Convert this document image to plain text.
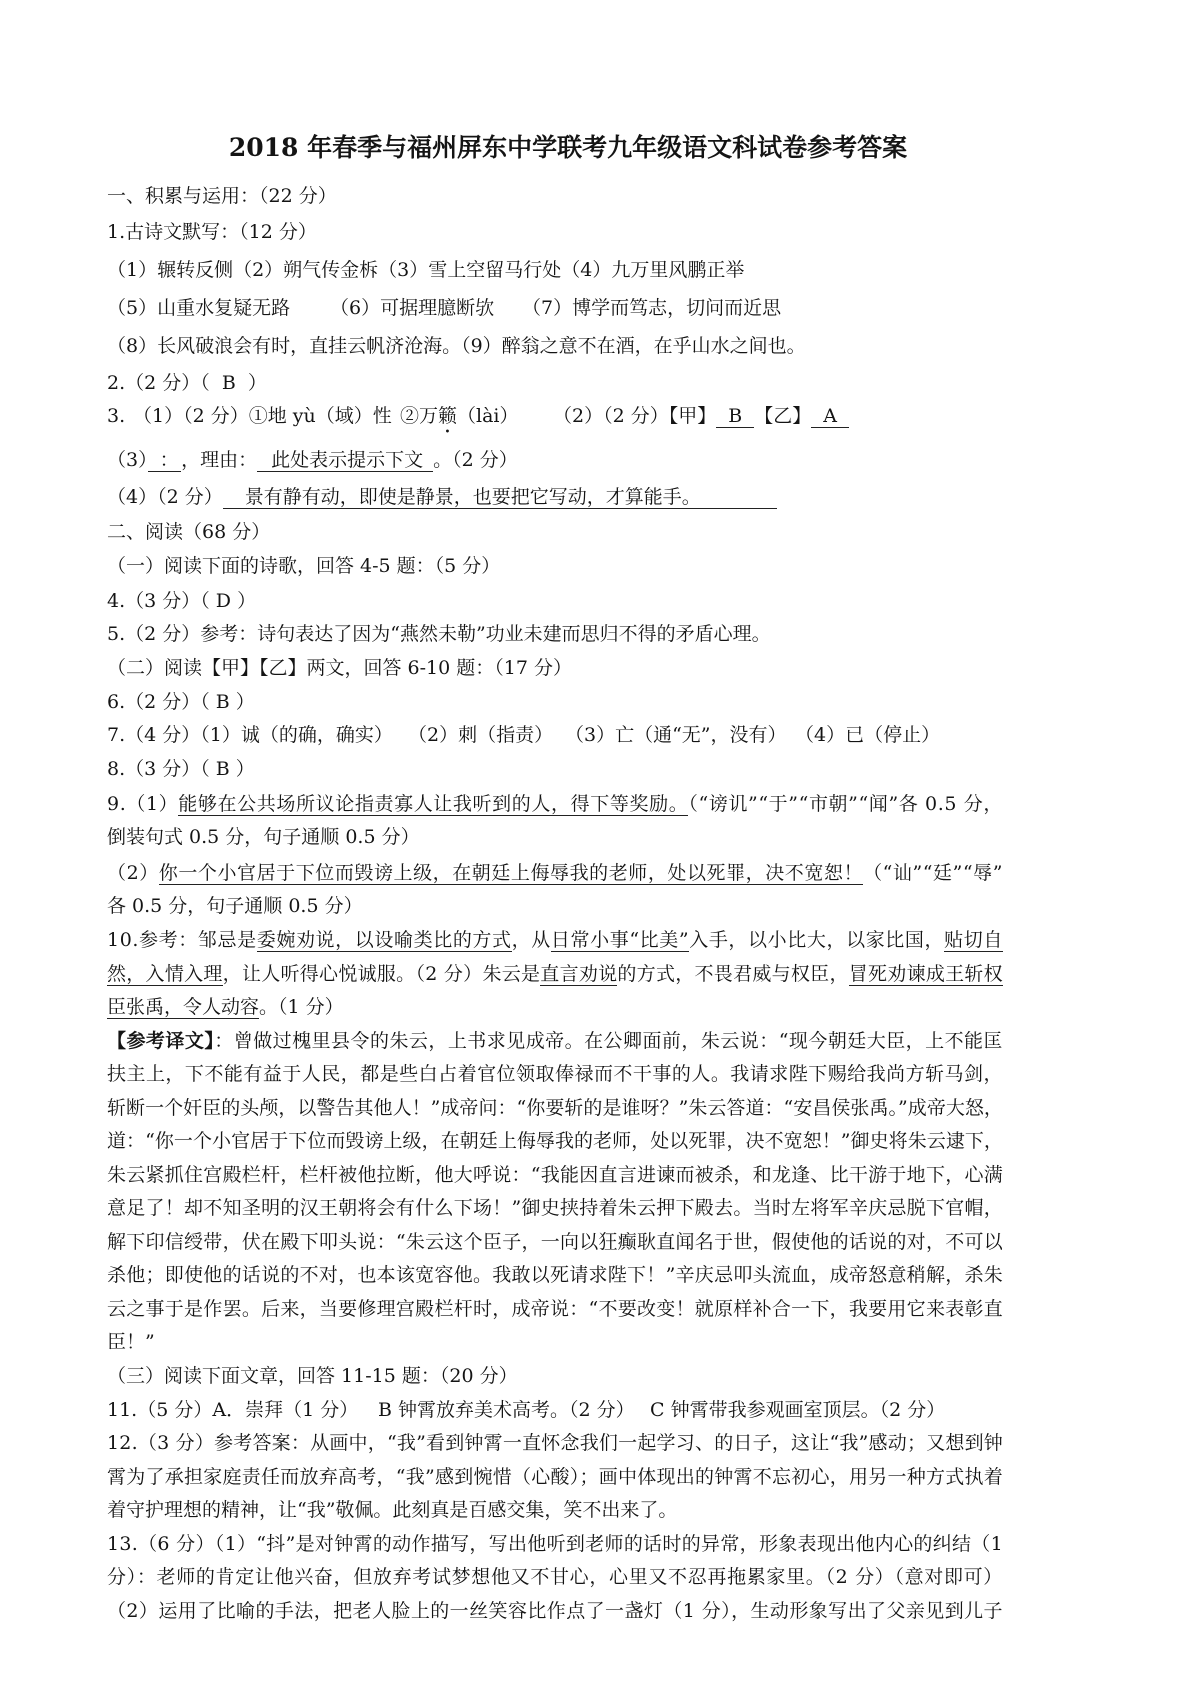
2018 年春季与福州屏东中学联考九年级语文科试卷参考答案
一、积累与运用：（22 分）
1.古诗文默写：（12 分）
（1）辗转反侧（2）朔气传金柝（3）雪上空留马行处（4）九万里风鹏正举
（5）山重水复疑无路 （6）可据理臆断欤 （7）博学而笃志，切问而近思
（8）长风破浪会有时，直挂云帆济沧海。（9）醉翁之意不在酒，在乎山水之间也。
2.（2 分）（  B  ）
3. （1）（2 分）①地 yù（域）性 ②万籁（lài） （2）（2 分）【甲】 B 【乙】 A
（3） ： ，理由： 此处表示提示下文 。（2 分）
（4）（2 分） 景有静有动，即使是静景，也要把它写动，才算能手。
二、阅读（68 分）
（一）阅读下面的诗歌，回答 4-5 题：（5 分）
4.（3 分）（ D ）
5.（2 分）参考：诗句表达了因为“燕然未勒”功业未建而思归不得的矛盾心理。
（二）阅读【甲】【乙】两文，回答 6-10 题：（17 分）
6.（2 分）（ B ）
7.（4 分）（1）诚（的确，确实） （2）刺（指责） （3）亡（通“无”，没有） （4）已（停止）
8.（3 分）（ B ）
9.（1）能够在公共场所议论指责寡人让我听到的人，得下等奖励。（“谤讥”“于”“市朝”“闻”各 0.5 分，
倒装句式 0.5 分，句子通顺 0.5 分）
（2）你一个小官居于下位而毁谤上级，在朝廷上侮辱我的老师，处以死罪，决不宽恕！（“讪”“廷”“辱”
各 0.5 分，句子通顺 0.5 分）
10.参考：邹忌是委婉劝说，以设喻类比的方式，从日常小事“比美”入手，以小比大，以家比国，贴切自
然，入情入理，让人听得心悦诚服。（2 分）朱云是直言劝说的方式，不畏君威与权臣，冒死劝谏成王斩权
臣张禹，令人动容。（1 分）
【参考译文】：曾做过槐里县令的朱云，上书求见成帝。在公卿面前，朱云说：“现今朝廷大臣，上不能匡
扶主上，下不能有益于人民，都是些白占着官位领取俸禄而不干事的人。我请求陛下赐给我尚方斩马剑，
斩断一个奸臣的头颅，以警告其他人！”成帝问：“你要斩的是谁呀？”朱云答道：“安昌侯张禹。”成帝大怒，
道：“你一个小官居于下位而毁谤上级，在朝廷上侮辱我的老师，处以死罪，决不宽恕！”御史将朱云逮下，
朱云紧抓住宫殿栏杆，栏杆被他拉断，他大呼说：“我能因直言进谏而被杀，和龙逢、比干游于地下，心满
意足了！却不知圣明的汉王朝将会有什么下场！”御史挟持着朱云押下殿去。当时左将军辛庆忌脱下官帽，
解下印信绶带，伏在殿下叩头说：“朱云这个臣子，一向以狂癫耿直闻名于世，假使他的话说的对，不可以
杀他；即使他的话说的不对，也本该宽容他。我敢以死请求陛下！”辛庆忌叩头流血，成帝怒意稍解，杀朱
云之事于是作罢。后来，当要修理宫殿栏杆时，成帝说：“不要改变！就原样补合一下，我要用它来表彰直
臣！”
（三）阅读下面文章，回答 11-15 题：（20 分）
11.（5 分）A．崇拜（1 分） B 钟霄放弃美术高考。（2 分） C 钟霄带我参观画室顶层。（2 分）
12.（3 分）参考答案：从画中，“我”看到钟霄一直怀念我们一起学习、的日子，这让“我”感动；又想到钟
霄为了承担家庭责任而放弃高考，“我”感到惋惜（心酸）；画中体现出的钟霄不忘初心，用另一种方式执着
着守护理想的精神，让“我”敬佩。此刻真是百感交集，笑不出来了。
13.（6 分）（1）“抖”是对钟霄的动作描写，写出他听到老师的话时的异常，形象表现出他内心的纠结（1
分）：老师的肯定让他兴奋，但放弃考试梦想他又不甘心，心里又不忍再拖累家里。（2 分）（意对即可）
（2）运用了比喻的手法，把老人脸上的一丝笑容比作点了一盏灯（1 分），生动形象写出了父亲见到儿子
